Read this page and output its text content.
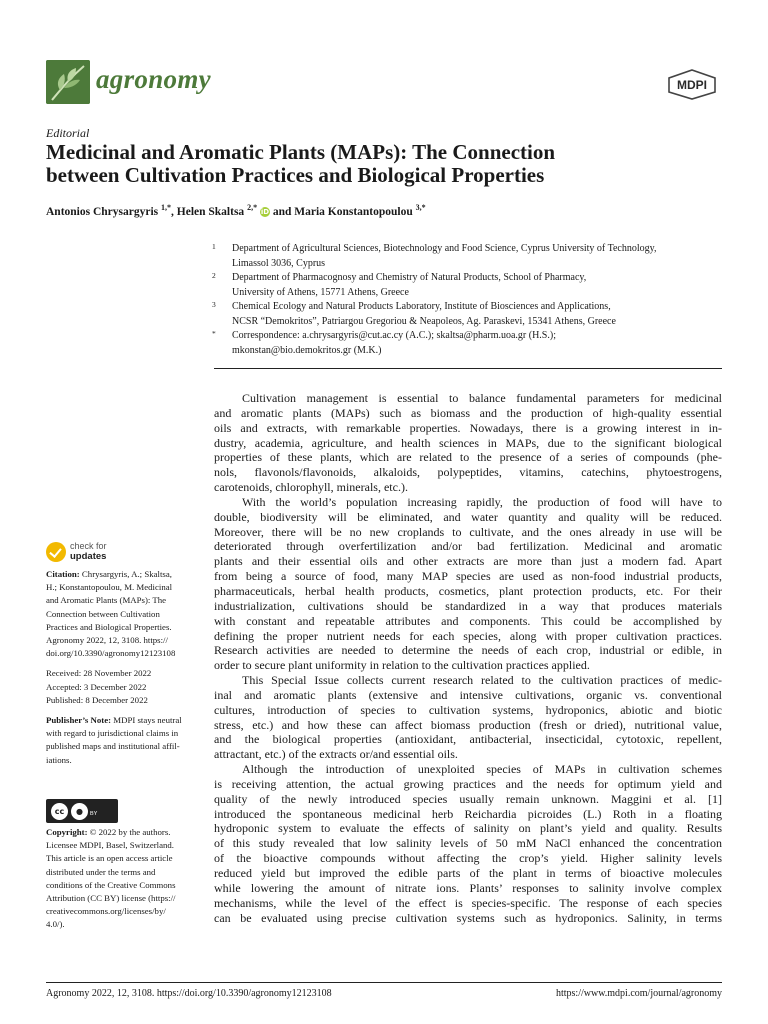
agronomy	MDPI
Editorial
Medicinal and Aromatic Plants (MAPs): The Connection
between Cultivation Practices and Biological Properties
Antonios Chrysargyris $^{1,*}$, Helen Skaltsa $^{2,*}$ iD and Maria Konstantopoulou $^{3,*}$
1 Department of Agricultural Sciences, Biotechnology and Food Science, Cyprus University of Technology,
Limassol 3036, Cyprus
2 Department of Pharmacognosy and Chemistry of Natural Products, School of Pharmacy,
University of Athens, 15771 Athens, Greece
3 Chemical Ecology and Natural Products Laboratory, Institute of Biosciences and Applications,
NCSR “Demokritos”, Patriargou Gregoriou & Neapoleos, Ag. Paraskevi, 15341 Athens, Greece
* Correspondence: a.chrysargyris@cut.ac.cy (A.C.); skaltsa@pharm.uoa.gr (H.S.);
mkonstan@bio.demokritos.gr (M.K.)
check for
updates
Citation: Chrysargyris, A.; Skaltsa,
H.; Konstantopoulou, M. Medicinal
and Aromatic Plants (MAPs): The
Connection between Cultivation
Practices and Biological Properties.
Agronomy 2022, 12, 3108. https://
doi.org/10.3390/agronomy12123108
Received: 28 November 2022
Accepted: 3 December 2022
Published: 8 December 2022
Publisher’s Note: MDPI stays neutral
with regard to jurisdictional claims in
published maps and institutional affil-
iations.
cc	●	BY
Copyright: © 2022 by the authors.
Licensee MDPI, Basel, Switzerland.
This article is an open access article
distributed under the terms and
conditions of the Creative Commons
Attribution (CC BY) license (https://
creativecommons.org/licenses/by/
4.0/).
Cultivation management is essential to balance fundamental parameters for medicinal
and aromatic plants (MAPs) such as biomass and the production of high-quality essential
oils and extracts, with remarkable properties. Nowadays, there is a growing interest in in-
dustry, academia, agriculture, and health sciences in MAPs, due to the significant biological
properties of these plants, which are related to the presence of a series of compounds (phe-
nols, flavonols/flavonoids, alkaloids, polypeptides, vitamins, catechins, phytoestrogens,
carotenoids, chlorophyll, minerals, etc.).
With the world’s population increasing rapidly, the production of food will have to
double, biodiversity will be eliminated, and water quantity and quality will be reduced.
Moreover, there will be no new croplands to cultivate, and the ones already in use will be
deteriorated through overfertilization and/or bad fertilization. Medicinal and aromatic
plants and their essential oils and other extracts are more than just a modern fad. Apart
from being a source of food, many MAP species are used as non-food industrial products,
pharmaceuticals, herbal health products, cosmetics, plant protection products, etc. For their
industrialization, cultivations should be standardized in a way that produces materials
with constant and repeatable attributes and components. This could be accomplished by
defining the proper nutrient needs for each species, along with proper cultivation practices.
Research activities are needed to determine the needs of each crop, industrial or edible, in
order to secure plant uniformity in relation to the cultivation practices applied.
This Special Issue collects current research related to the cultivation practices of medic-
inal and aromatic plants (extensive and intensive cultivations, organic vs. conventional
cultures, introduction of species to cultivation systems, hydroponics, abiotic and biotic
stress, etc.) and how these can affect biomass production (fresh or dried), nutritional value,
and the biological properties (antioxidant, antibacterial, insecticidal, cytotoxic, repellent,
attractant, etc.) of the extracts or/and essential oils.
Although the introduction of unexploited species of MAPs in cultivation schemes
is receiving attention, the actual growing practices and the needs for optimum yield and
quality of the newly introduced species usually remain unknown. Maggini et al. [1]
introduced the spontaneous medicinal herb Reichardia picroides (L.) Roth in a floating
hydroponic system to evaluate the effects of salinity on plant’s yield and quality. Results
of this study revealed that low salinity levels of 50 mM NaCl enhanced the concentration
of the bioactive compounds without affecting the crop’s yield. Higher salinity levels
reduced yield but improved the edible parts of the plant in terms of bioactive molecules
while lowering the amount of nitrate ions. Plants’ responses to salinity involve complex
mechanisms, while the level of the effect is species-specific. The response of each species
can be evaluated using precise cultivation systems such as hydroponics. Salinity, in terms
Agronomy 2022, 12, 3108. https://doi.org/10.3390/agronomy12123108	https://www.mdpi.com/journal/agronomy
